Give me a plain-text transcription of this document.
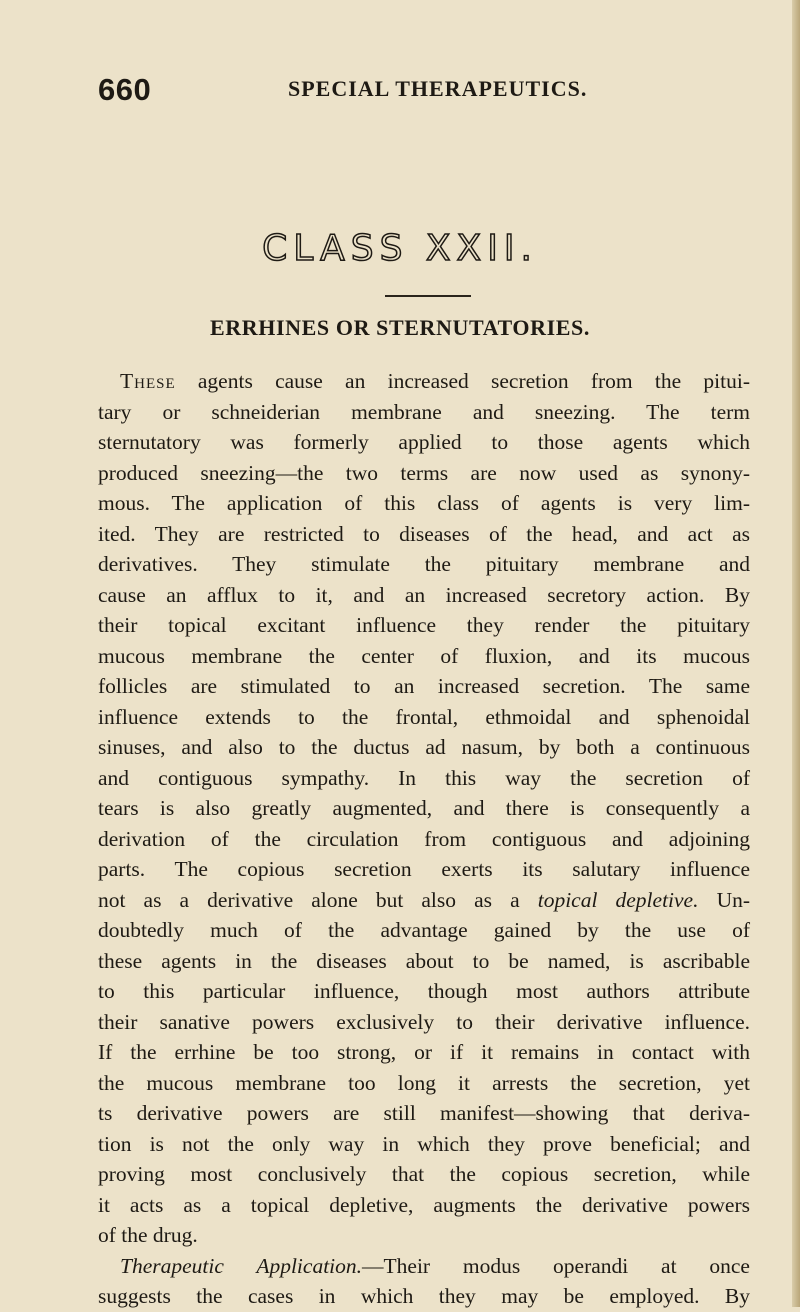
660	SPECIAL THERAPEUTICS.
CLASS XXII.
ERRHINES OR STERNUTATORIES.
These agents cause an increased secretion from the pitui-
tary or schneiderian membrane and sneezing. The term
sternutatory was formerly applied to those agents which
produced sneezing—the two terms are now used as synony-
mous. The application of this class of agents is very lim-
ited. They are restricted to diseases of the head, and act as
derivatives. They stimulate the pituitary membrane and
cause an afflux to it, and an increased secretory action. By
their topical excitant influence they render the pituitary
mucous membrane the center of fluxion, and its mucous
follicles are stimulated to an increased secretion. The same
influence extends to the frontal, ethmoidal and sphenoidal
sinuses, and also to the ductus ad nasum, by both a continuous
and contiguous sympathy. In this way the secretion of
tears is also greatly augmented, and there is consequently a
derivation of the circulation from contiguous and adjoining
parts. The copious secretion exerts its salutary influence
not as a derivative alone but also as a topical depletive. Un-
doubtedly much of the advantage gained by the use of
these agents in the diseases about to be named, is ascribable
to this particular influence, though most authors attribute
their sanative powers exclusively to their derivative influence.
If the errhine be too strong, or if it remains in contact with
the mucous membrane too long it arrests the secretion, yet
ts derivative powers are still manifest—showing that deriva-
tion is not the only way in which they prove beneficial; and
proving most conclusively that the copious secretion, while
it acts as a topical depletive, augments the derivative powers
of the drug.
Therapeutic Application.—Their modus operandi at once
suggests the cases in which they may be employed. By
